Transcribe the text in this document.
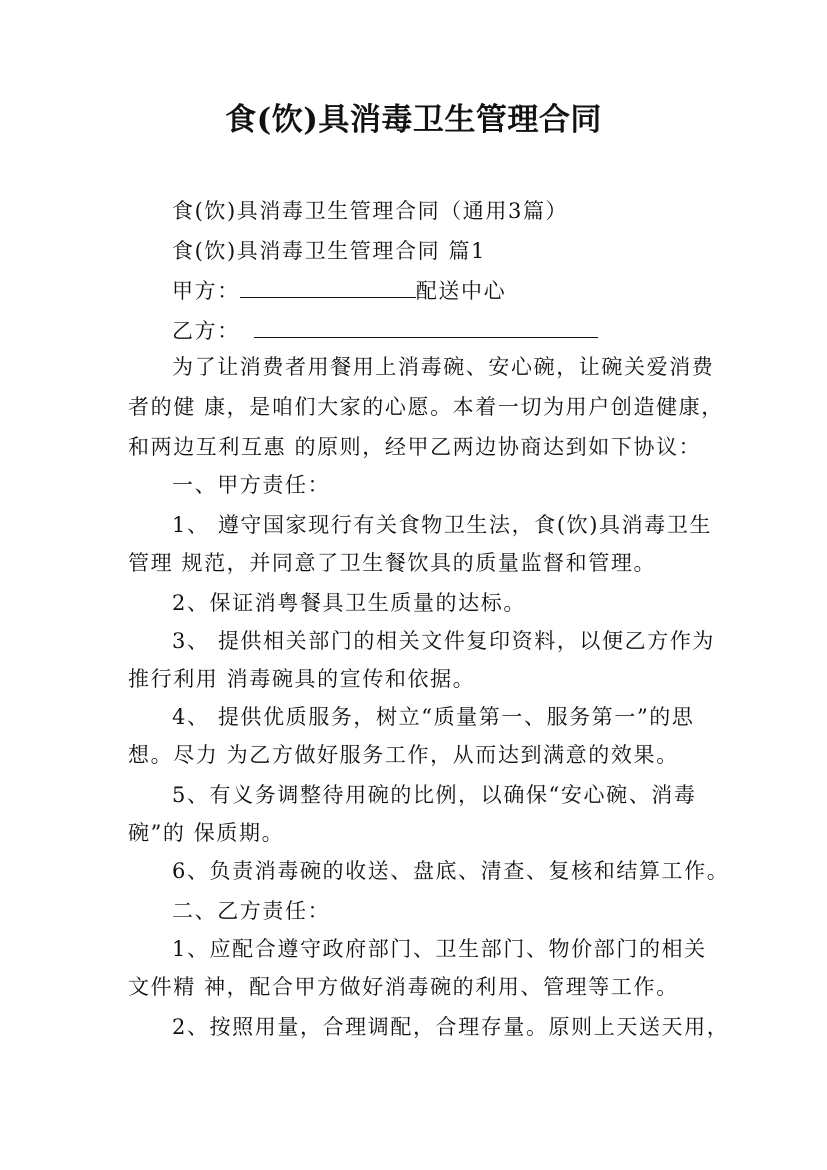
食(饮)具消毒卫生管理合同
食(饮)具消毒卫生管理合同（通用3篇）
食(饮)具消毒卫生管理合同 篇1
甲方：	配送中心
乙方：
为了让消费者用餐用上消毒碗、安心碗，让碗关爱消费
者的健 康，是咱们大家的心愿。本着一切为用户创造健康，
和两边互利互惠 的原则，经甲乙两边协商达到如下协议：
一、甲方责任：
1、 遵守国家现行有关食物卫生法，食(饮)具消毒卫生
管理 规范，并同意了卫生餐饮具的质量监督和管理。
2、保证消粤餐具卫生质量的达标。
3、 提供相关部门的相关文件复印资料，以便乙方作为
推行利用 消毒碗具的宣传和依据。
4、 提供优质服务，树立“质量第一、服务第一”的思
想。尽力 为乙方做好服务工作，从而达到满意的效果。
5、有义务调整待用碗的比例，以确保“安心碗、消毒
碗”的 保质期。
6、负责消毒碗的收送、盘底、清查、复核和结算工作。
二、乙方责任：
1、应配合遵守政府部门、卫生部门、物价部门的相关
文件精 神，配合甲方做好消毒碗的利用、管理等工作。
2、按照用量，合理调配，合理存量。原则上天送天用，
